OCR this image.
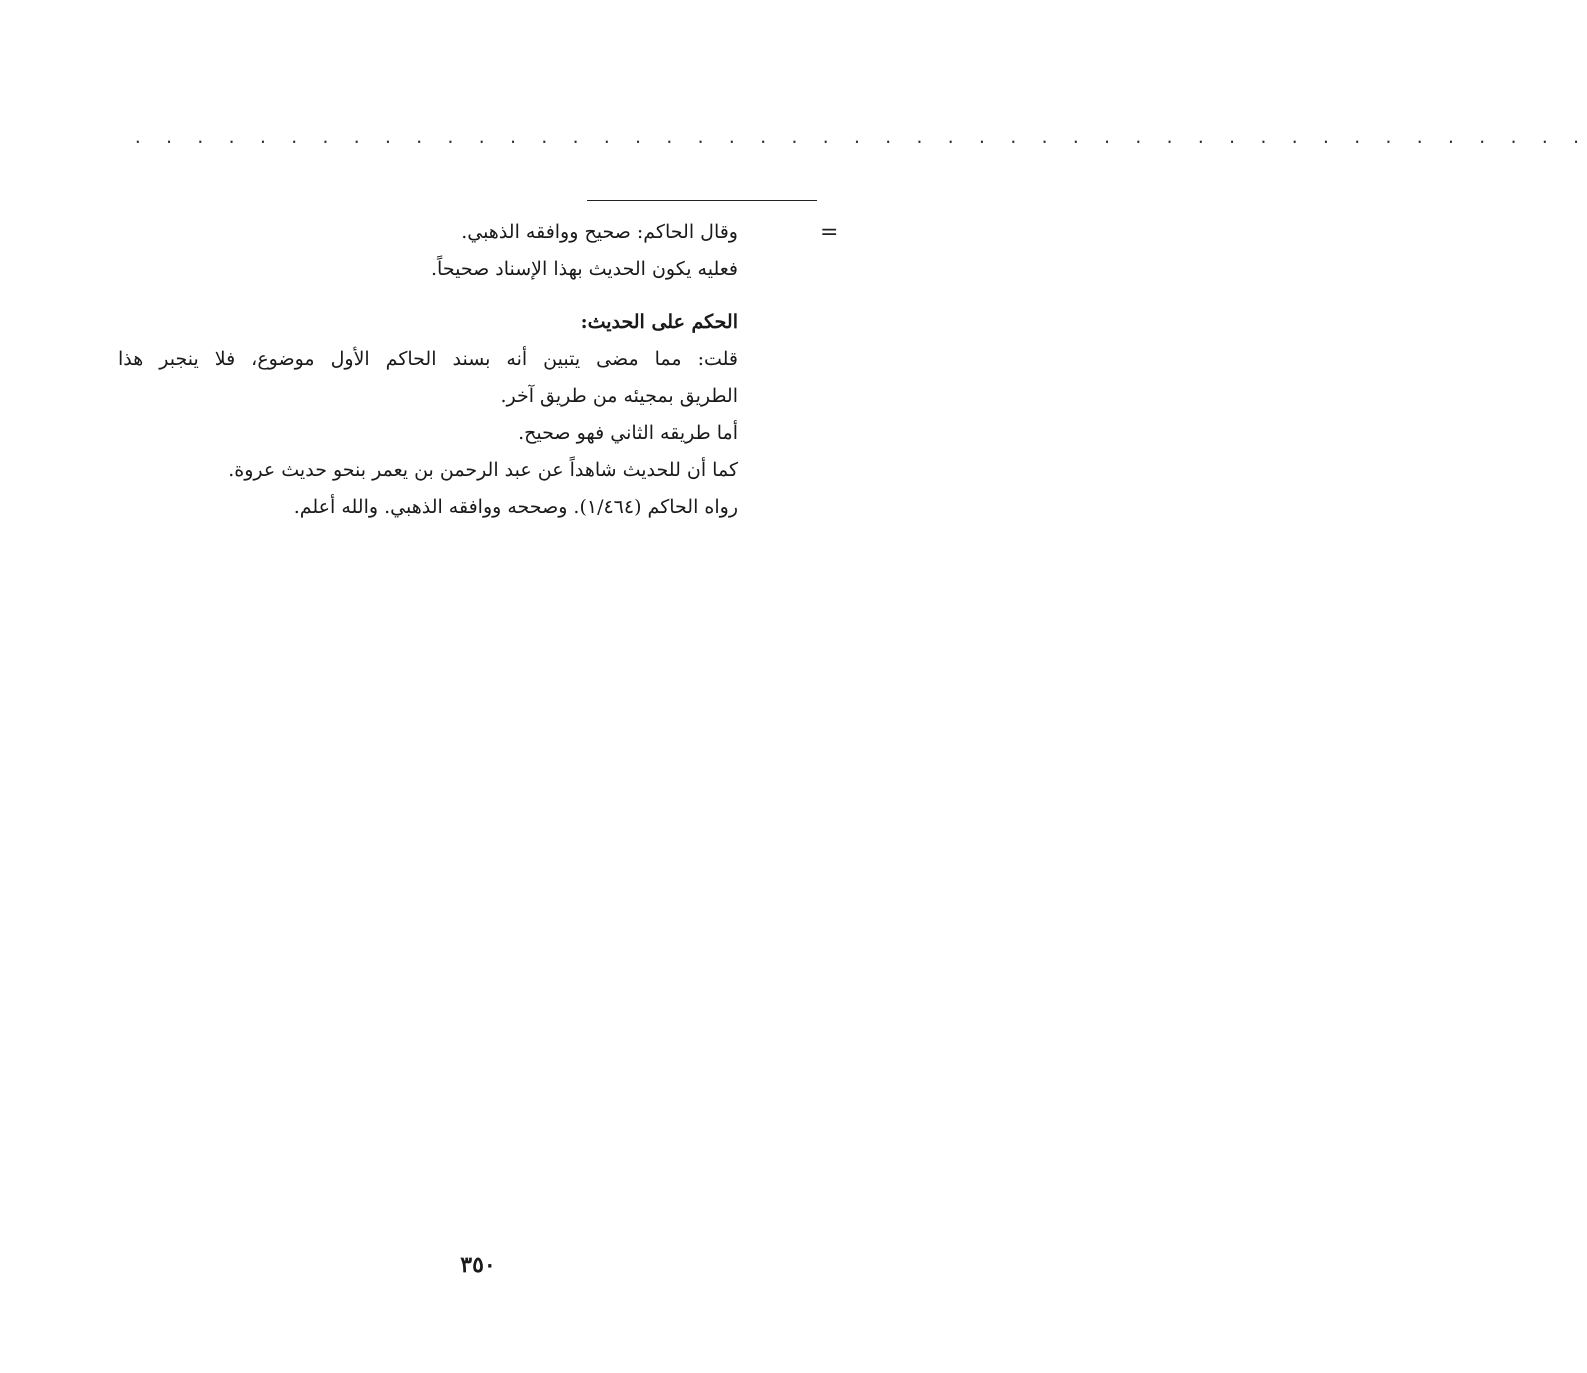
. . . . . . . . . . . . . . . . . . . . . . . . . . . . . . . . . . . . . . . . . . . . . . .
=
وقال الحاكم: صحيح ووافقه الذهبي.
فعليه يكون الحديث بهذا الإسناد صحيحاً.
الحكم على الحديث:
قلت: مما مضى يتبين أنه بسند الحاكم الأول موضوع، فلا ينجبر هذا
الطريق بمجيئه من طريق آخر.
أما طريقه الثاني فهو صحيح.
كما أن للحديث شاهداً عن عبد الرحمن بن يعمر بنحو حديث عروة.
رواه الحاكم (١/٤٦٤). وصححه ووافقه الذهبي. والله أعلم.
٣٥٠
